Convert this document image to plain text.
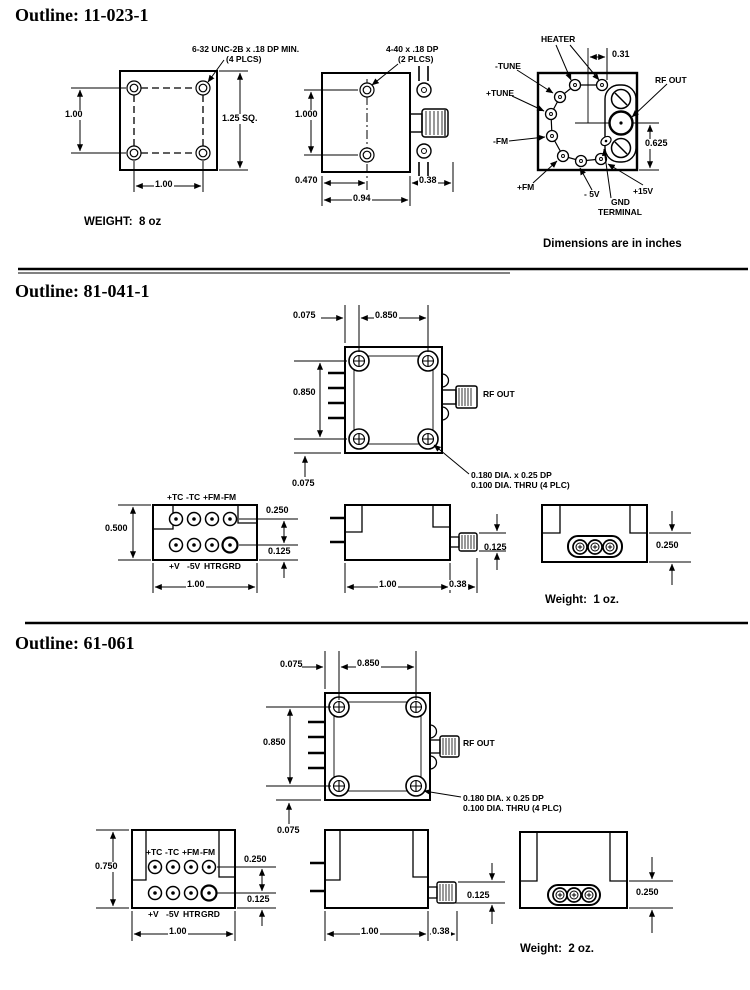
Outline: 11-023-1
6-32 UNC-2B x .18 DP MIN.
(4 PLCS)
1.00	1.25 SQ.
1.00
WEIGHT:  8 oz
4-40 x .18 DP
(2 PLCS)
1.000
0.470
0.94
0.38
HEATER
0.31
-TUNE
+TUNE
-FM
+FM
- 5V	+15V
GND
TERMINAL
RF OUT
0.625
Dimensions are in inches
Outline: 81-041-1
0.075	0.850
0.850
0.075
RF OUT
0.180 DIA. x 0.25 DP
0.100 DIA. THRU (4 PLC)
+TC -TC +FM -FM
+V -5V HTR GRD
0.500
0.250
0.125
1.00	1.00	0.38
0.125	0.250
Weight:  1 oz.
Outline: 61-061
0.075	0.850
0.850
0.075
RF OUT
0.180 DIA. x 0.25 DP
0.100 DIA. THRU (4 PLC)
+TC -TC +FM -FM
+V -5V HTR GRD
0.750
0.250
0.125
1.00	1.00	0.38
0.125	0.250
Weight:  2 oz.
